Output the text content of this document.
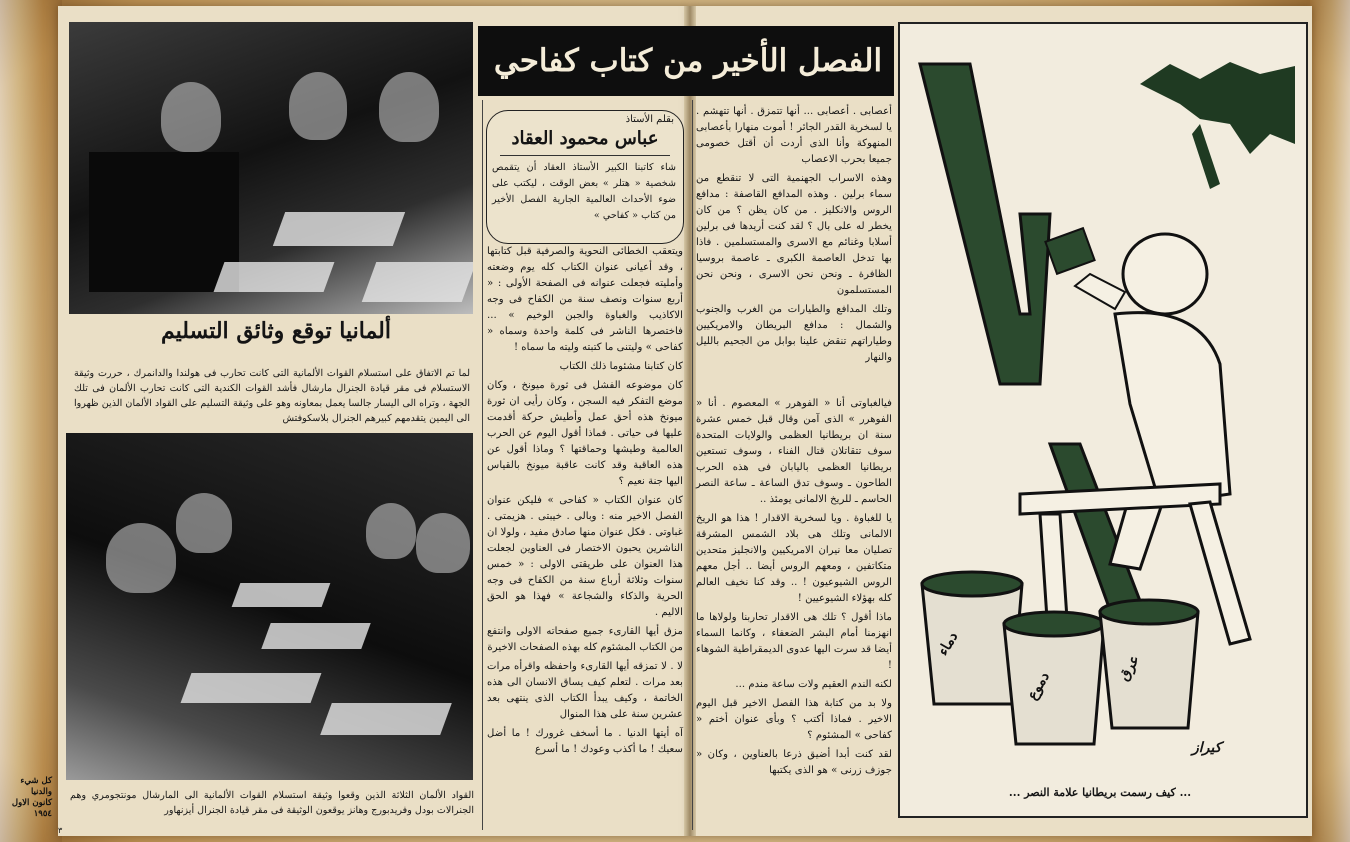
ألمانيا توقع وثائق التسليم
لما تم الاتفاق على استسلام القوات الألمانية التى كانت تحارب فى هولندا والدانمرك ، حررت وثيقة الاستسلام فى مقر قيادة الجنرال مارشال فأشد القوات الكندية التى كانت تحارب الألمان فى تلك الجهة ، وتراه الى اليسار جالسا يعمل بمعاونه وهو على وثيقة التسليم على القواد الألمان الذين ظهروا الى اليمين يتقدمهم كبيرهم الجنرال بلاسكوفتش
القواد الألمان الثلاثة الذين وقعوا وثيقة استسلام القوات الألمانية الى المارشال مونتجومري وهم الجنرالات بودل وفريدبورج وهانز يوقعون الوثيقة فى مقر قيادة الجنرال أيزنهاور
الفصل الأخير من كتاب كفاحي
بقلم الأستاذ
عباس محمود العقاد
شاء كاتبنا الكبير الأستاذ العقاد أن يتقمص شخصية « هتلر » بعض الوقت ، ليكتب على ضوء الأحداث العالمية الجارية الفصل الأخير من كتاب « كفاحي »

ويتعقب الخطائى النحوية والصرفية قبل كتابتها ، وقد أعيانى عنوان الكتاب كله يوم وضعته وأمليته فجعلت عنوانه فى الصفحة الأولى : « أربع سنوات ونصف سنة من الكفاح فى وجه الاكاذيب والغباوة والجبن الوخيم » ... فاختصرها الناشر فى كلمة واحدة وسماه « كفاحى » وليتنى ما كتبته وليته ما سماه !

كان كتابنا مشئوما ذلك الكتاب

كان موضوعه الفشل فى ثورة ميونخ ، وكان موضع التفكر فيه السجن ، وكان رأيى ان ثورة ميونخ هذه أحق عمل وأطيش حركة أقدمت عليها فى حياتى . فماذا أقول اليوم عن الحرب العالمية وطيشها وحماقتها ؟ وماذا أقول عن هذه العاقبة وقد كانت عاقبة ميونخ بالقياس اليها جنة نعيم ؟

كان عنوان الكتاب « كفاحى » فليكن عنوان الفصل الاخير منه : وبالى . خيبتى . هزيمتى . غباوتى . فكل عنوان منها صادق مفيد ، ولولا ان الناشرين يحبون الاختصار فى العناوين لجعلت هذا العنوان على طريقتى الاولى : « خمس سنوات وثلاثة أرباع سنة من الكفاح فى وجه الحرية والذكاء والشجاعة » فهذا هو الحق الاليم .

مزق أيها القارىء جميع صفحاته الاولى وانتفع من الكتاب المشئوم كله بهذه الصفحات الاخيرة

لا . لا تمزقه أيها القارىء واحفظه واقرأه مرات بعد مرات . لتعلم كيف يساق الانسان الى هذه الخاتمة ، وكيف يبدأ الكتاب الذى ينتهى بعد عشرين سنة على هذا المنوال

آه أيتها الدنيا . ما أسخف غرورك ! ما أضل سعيك ! ما أكذب وعودك ! ما أسرع

أعصابى . أعصابى ... أنها تتمزق . أنها تتهشم . يا لسخرية القدر الجائر ! أموت منهارا بأعصابى المنهوكة وأنا الذى أردت أن أقتل خصومى جميعا بحرب الاعصاب

وهذه الاسراب الجهنمية التى لا تنقطع من سماء برلين . وهذه المدافع القاصفة : مدافع الروس والانكليز . من كان يظن ؟ من كان يخطر له على بال ؟ لقد كنت أريدها فى برلين أسلابا وغنائم مع الاسرى والمستسلمين . فاذا بها تدخل العاصمة الكبرى ـ عاصمة بروسيا الظافرة ـ ونحن نحن الاسرى ، ونحن نحن المستسلمون

وتلك المدافع والطيارات من الغرب والجنوب والشمال : مدافع البريطان والامريكيين وطياراتهم تنقض علينا بوابل من الجحيم بالليل والنهار

فيالغباوتى أنا « الفوهرر » المعصوم . أنا « الفوهرر » الذى آمن وقال قبل خمس عشرة سنة ان بريطانيا العظمى والولايات المتحدة سوف تتقاتلان قتال الفناء ، وسوف تستعين بريطانيا العظمى باليابان فى هذه الحرب الطاحون ـ وسوف تدق الساعة ـ ساعة النصر الحاسم ـ للريخ الالمانى يومئذ ..

يا للغباوة . ويا لسخرية الاقدار ! هذا هو الريخ الالمانى وتلك هى بلاد الشمس المشرقة تصليان معا نيران الامريكيين والانجليز متحدين متكاتفين ، ومعهم الروس أيضا .. أجل معهم الروس الشيوعيون ! .. وقد كنا نخيف العالم كله بهؤلاء الشيوعيين !

ماذا أقول ؟ تلك هى الاقدار تحاربنا ولولاها ما انهزمنا أمام البشر الضعفاء ، وكانما السماء أيضا قد سرت اليها عدوى الديمقراطية الشوهاء !

لكنه الندم العقيم ولات ساعة مندم ...

ولا بد من كتابة هذا الفصل الاخير قبل اليوم الاخير . فماذا أكتب ؟ وبأى عنوان أختم « كفاحى » المشئوم ؟

لقد كنت أبدا أضيق ذرعا بالعناوين ، وكان « جوزف زرنى » هو الذى يكتبها

دماء
دموع
عرق
كيراز
... كيف رسمت بريطانيا علامة النصر ...
كل شيء والدنيا
كانون الاول
١٩٥٤
٣
